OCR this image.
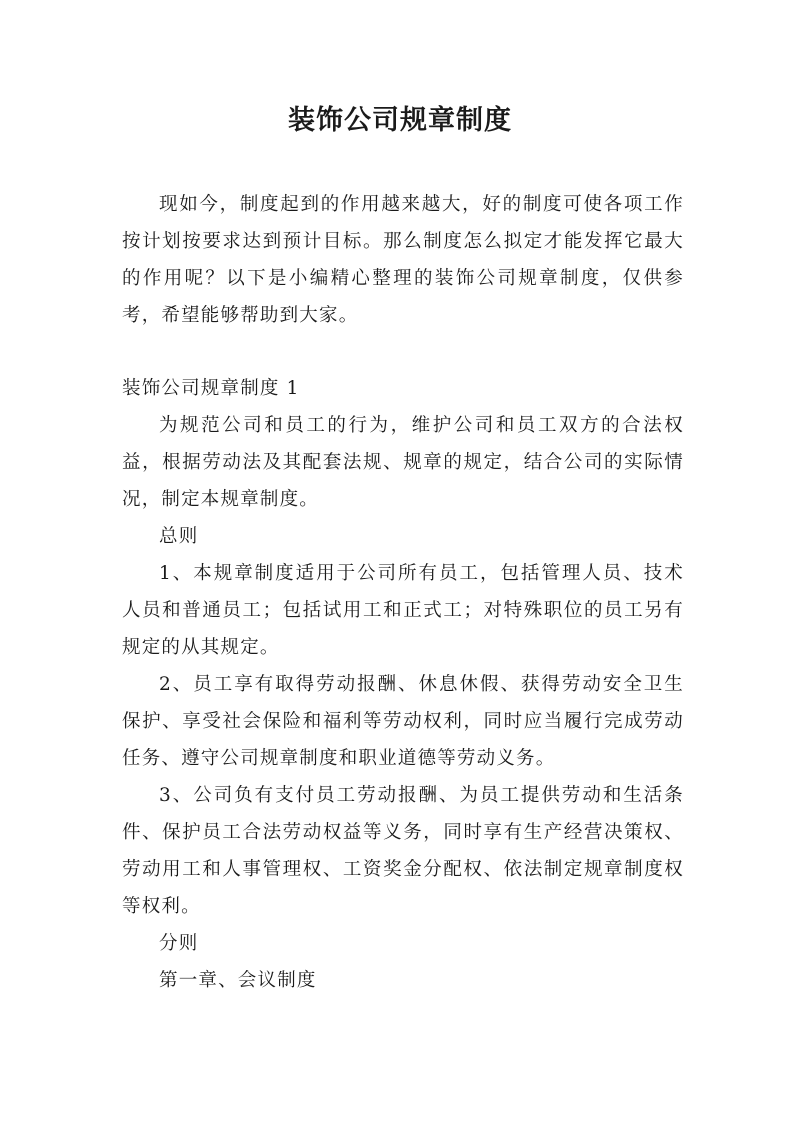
装饰公司规章制度

现如今，制度起到的作用越来越大，好的制度可使各项工作按计划按要求达到预计目标。那么制度怎么拟定才能发挥它最大的作用呢？以下是小编精心整理的装饰公司规章制度，仅供参考，希望能够帮助到大家。

装饰公司规章制度 1

为规范公司和员工的行为，维护公司和员工双方的合法权益，根据劳动法及其配套法规、规章的规定，结合公司的实际情况，制定本规章制度。

总则

1、本规章制度适用于公司所有员工，包括管理人员、技术人员和普通员工；包括试用工和正式工；对特殊职位的员工另有规定的从其规定。

2、员工享有取得劳动报酬、休息休假、获得劳动安全卫生保护、享受社会保险和福利等劳动权利，同时应当履行完成劳动任务、遵守公司规章制度和职业道德等劳动义务。

3、公司负有支付员工劳动报酬、为员工提供劳动和生活条件、保护员工合法劳动权益等义务，同时享有生产经营决策权、劳动用工和人事管理权、工资奖金分配权、依法制定规章制度权等权利。

分则

第一章、会议制度
